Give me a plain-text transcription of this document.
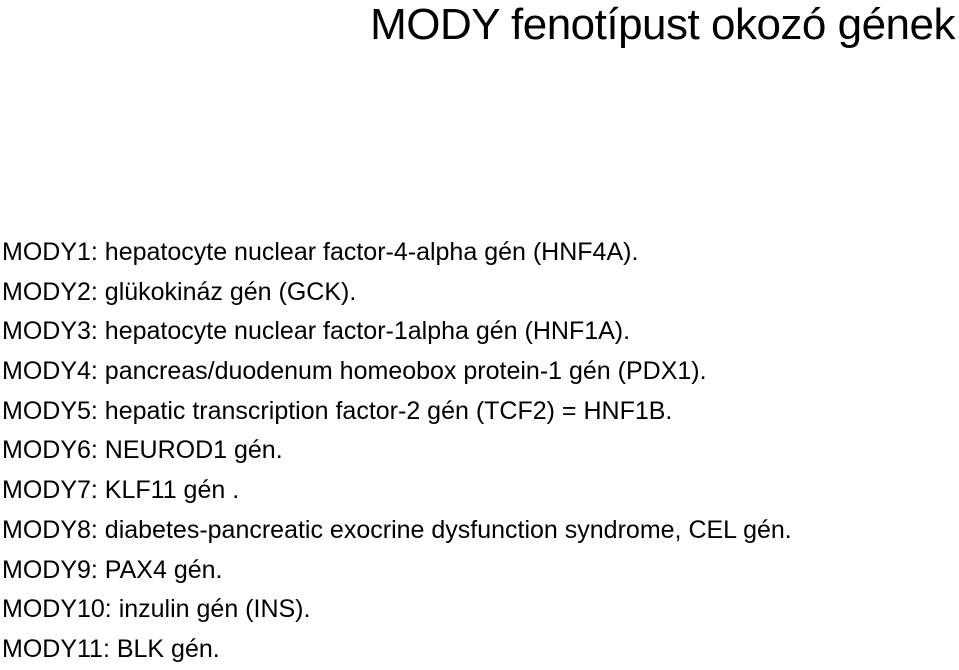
MODY fenotípust okozó gének
MODY1: hepatocyte nuclear factor-4-alpha gén (HNF4A).
MODY2: glükokináz gén (GCK).
MODY3: hepatocyte nuclear factor-1alpha gén (HNF1A).
MODY4: pancreas/duodenum homeobox protein-1 gén (PDX1).
MODY5: hepatic transcription factor-2 gén (TCF2) = HNF1B.
MODY6: NEUROD1 gén.
MODY7: KLF11 gén .
MODY8: diabetes-pancreatic exocrine dysfunction syndrome, CEL gén.
MODY9: PAX4 gén.
MODY10: inzulin gén (INS).
MODY11: BLK gén.
